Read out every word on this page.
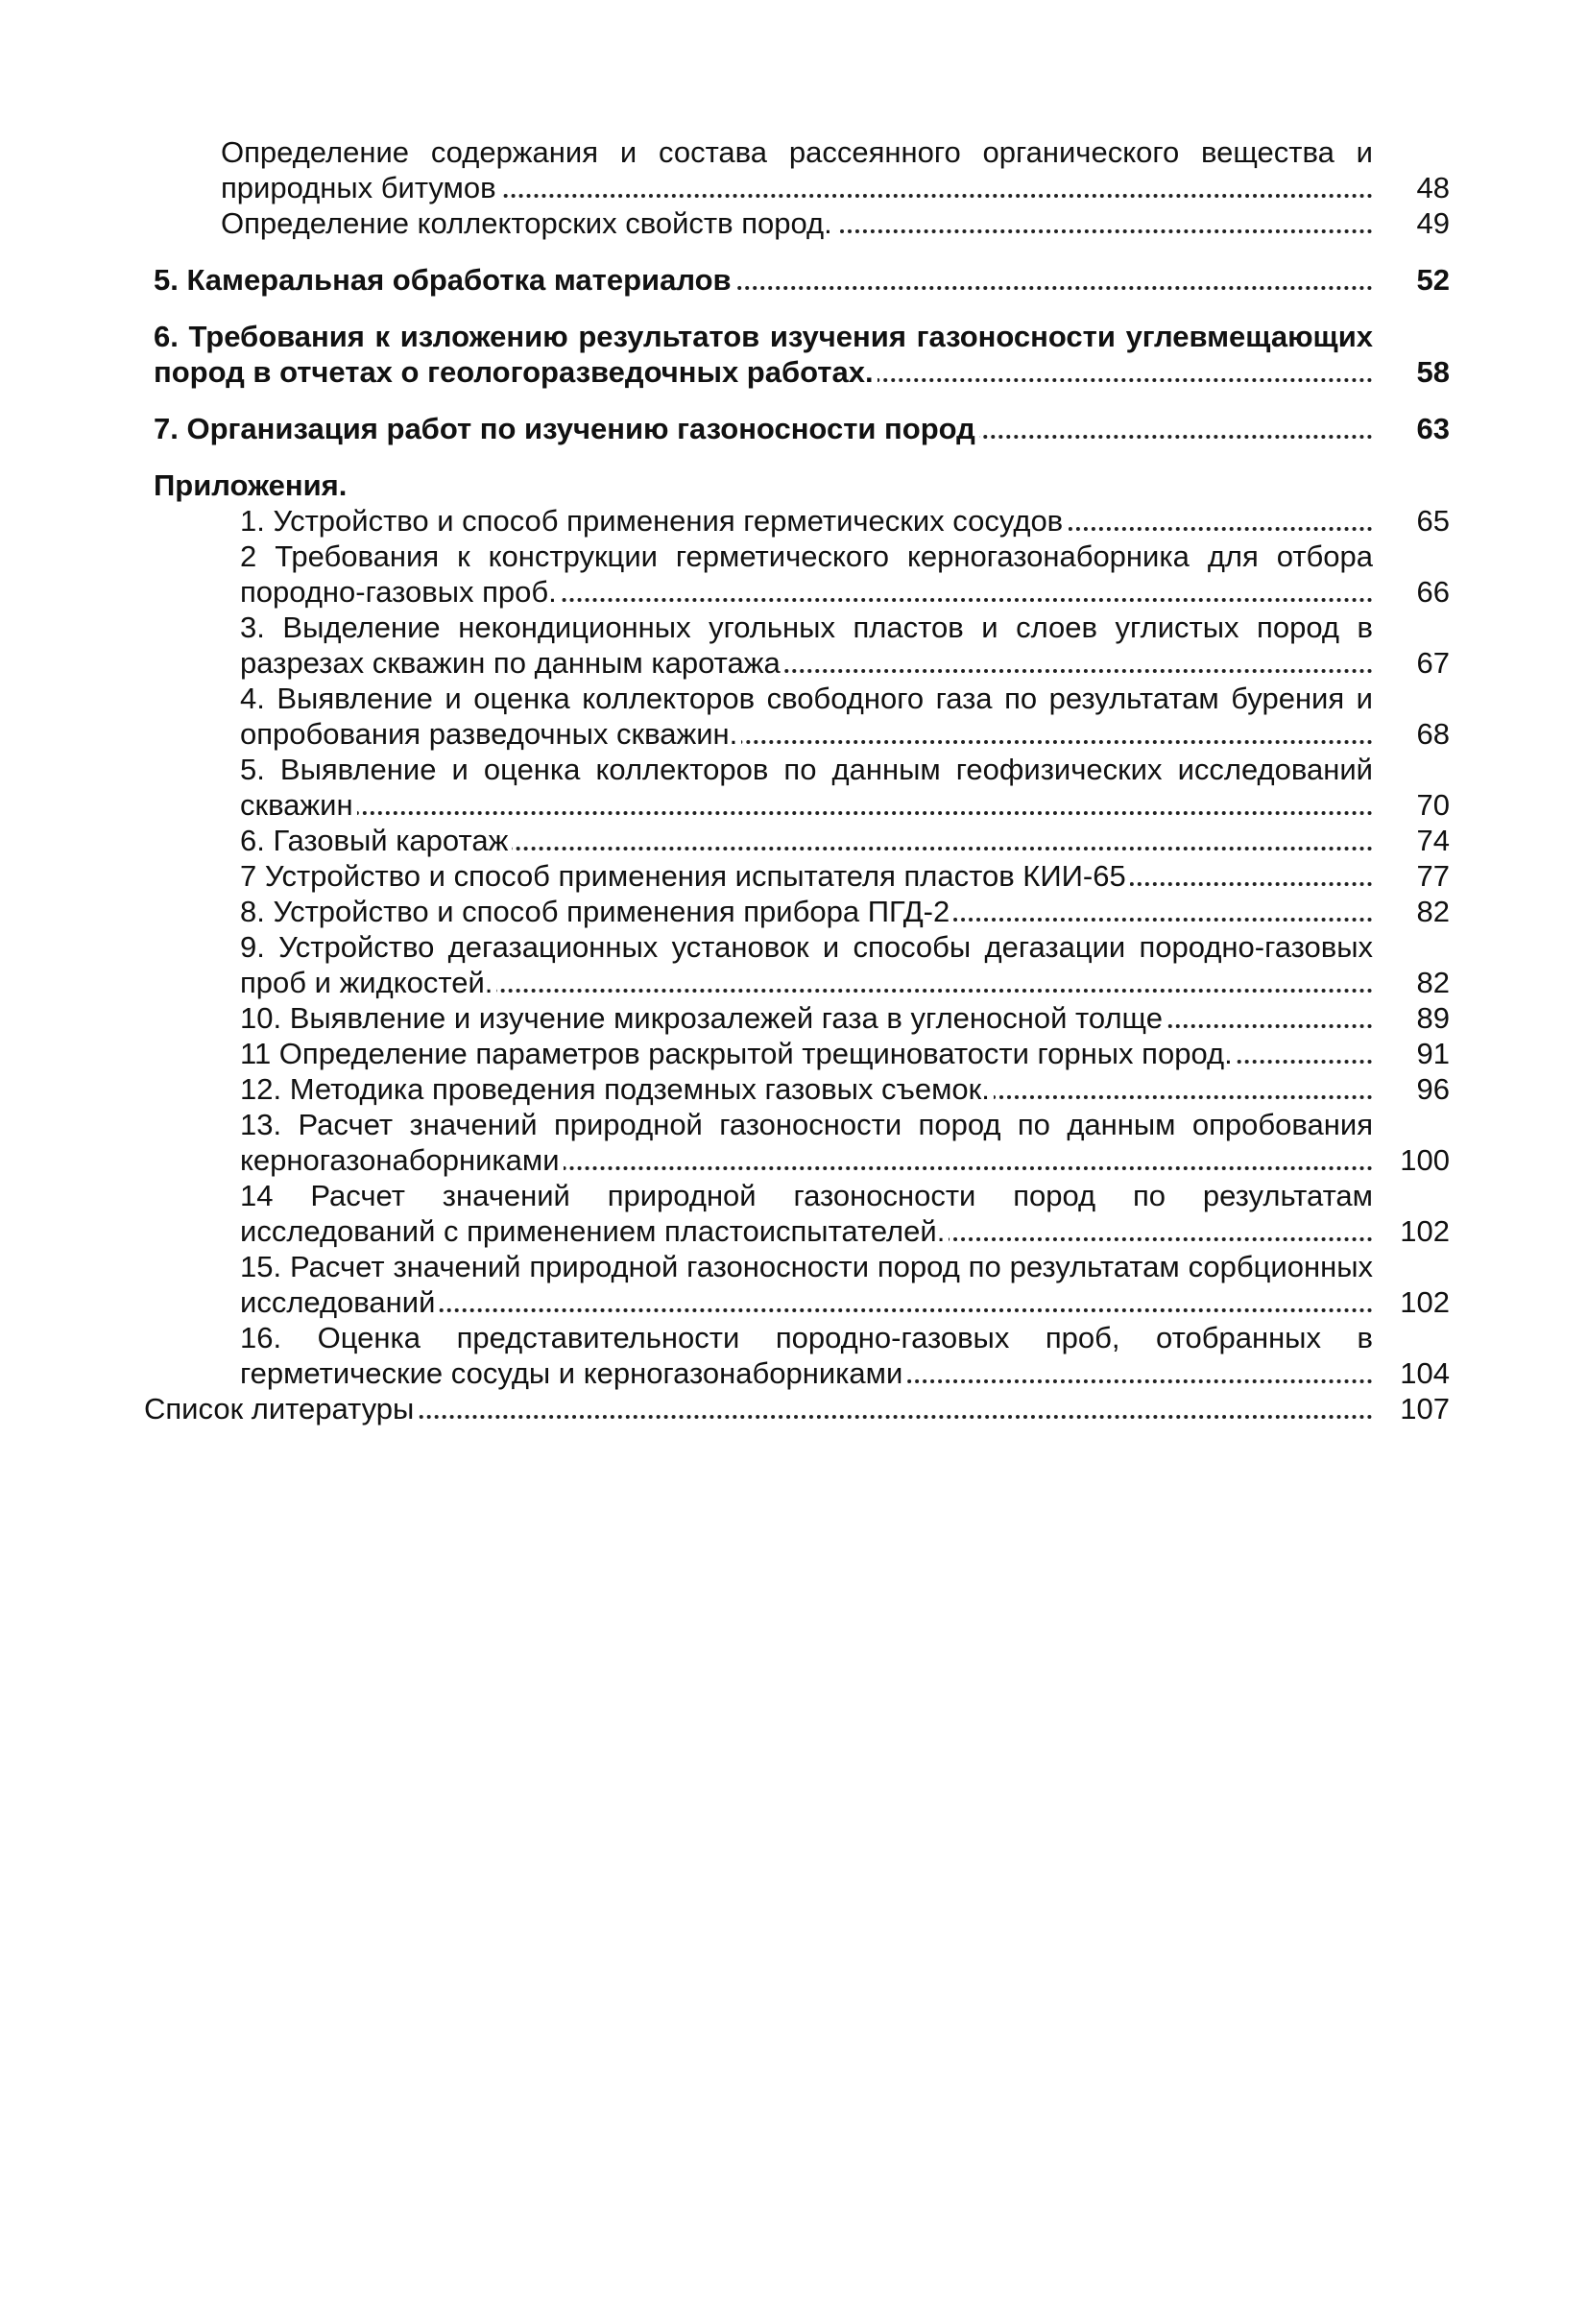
Определение содержания и состава рассеянного органического вещества и природных битумов	48
Определение коллекторских свойств пород.	49
5. Камеральная обработка материалов	52
6. Требования к изложению результатов изучения газоносности углевмещающих пород в отчетах о геологоразведочных работах.	58
7. Организация работ по изучению газоносности пород	63
Приложения.
1. Устройство и способ применения герметических сосудов	65
2 Требования к конструкции герметического керногазонаборника для отбора породно-газовых проб.	66
3. Выделение некондиционных угольных пластов и слоев углистых пород в разрезах скважин по данным каротажа	67
4. Выявление и оценка коллекторов свободного газа по результатам бурения и опробования разведочных скважин.	68
5. Выявление и оценка коллекторов по данным геофизических исследований скважин	70
6. Газовый каротаж	74
7 Устройство и способ применения испытателя пластов КИИ-65	77
8. Устройство и способ применения прибора ПГД-2	82
9. Устройство дегазационных установок и способы дегазации породно-газовых проб и жидкостей.	82
10. Выявление и изучение микрозалежей газа в угленосной толще	89
11 Определение параметров раскрытой трещиноватости горных пород.	91
12. Методика проведения подземных газовых съемок.	96
13. Расчет значений природной газоносности пород по данным опробования керногазонаборниками	100
14 Расчет значений природной газоносности пород по результатам исследований с применением пластоиспытателей.	102
15. Расчет значений природной газоносности пород по результатам сорбционных исследований	102
16. Оценка представительности породно-газовых проб, отобранных в герметические сосуды и керногазонаборниками	104
Список литературы	107
